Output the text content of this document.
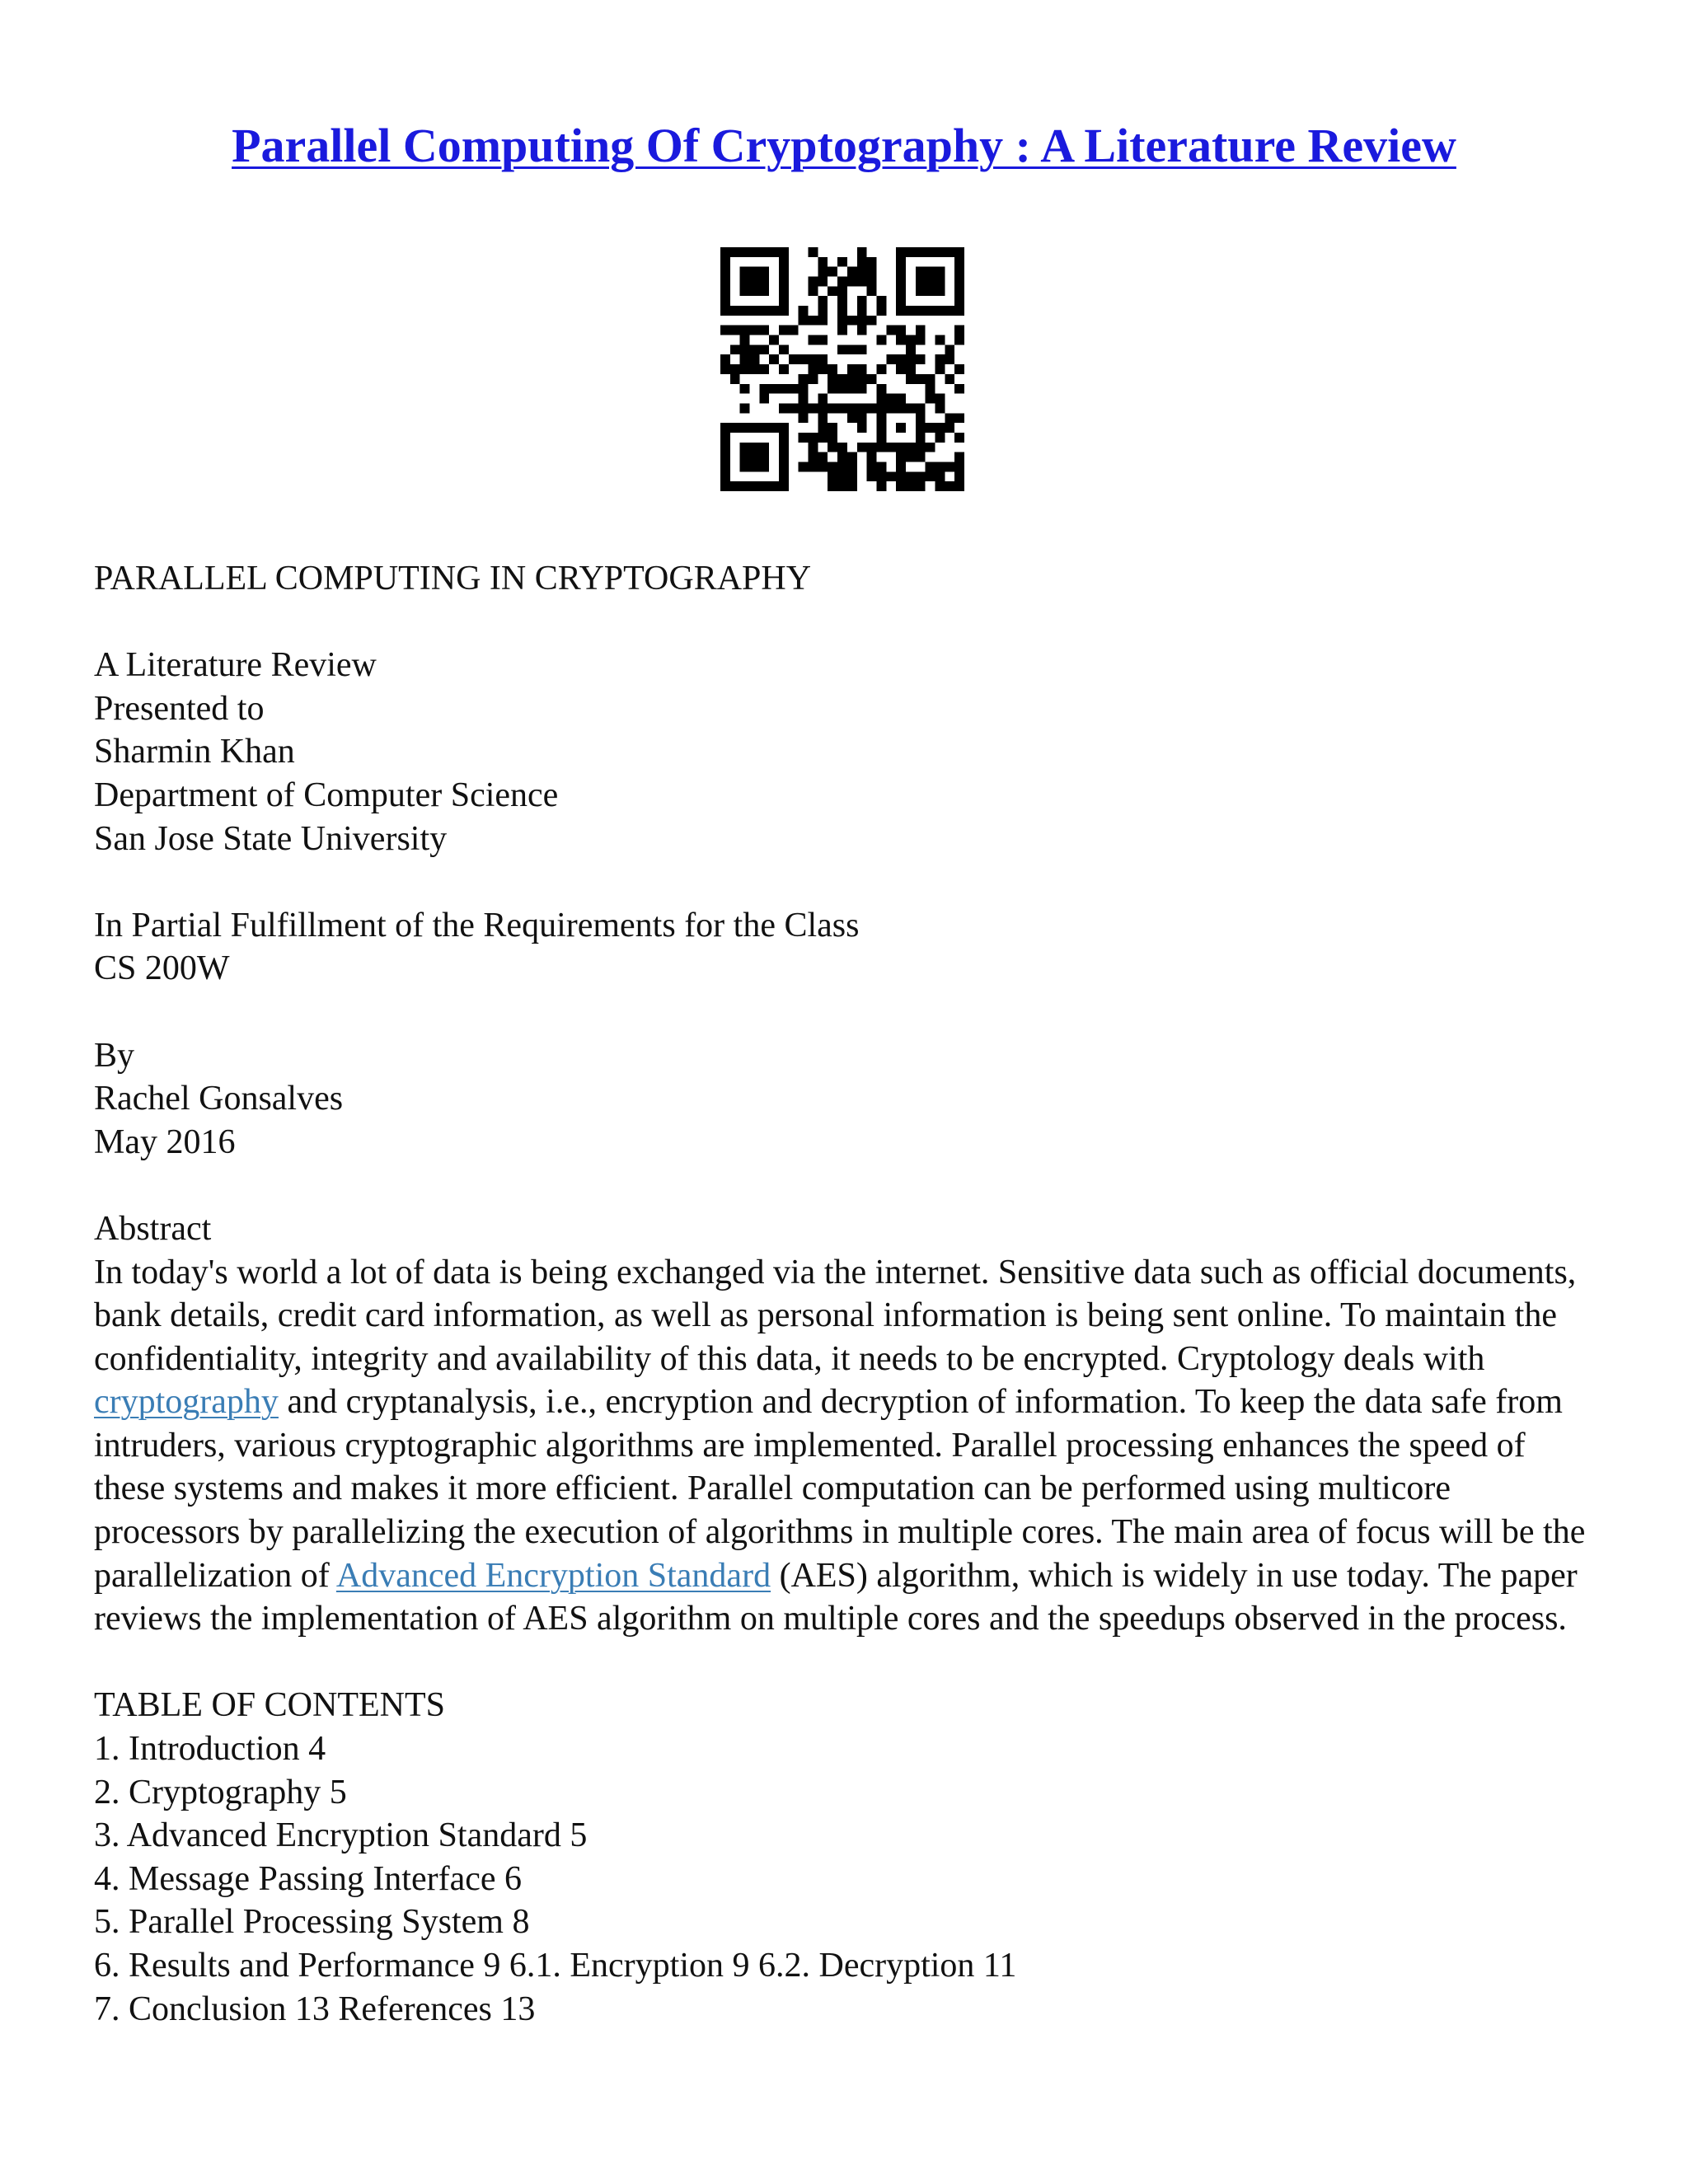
Parallel Computing Of Cryptography : A Literature Review
PARALLEL COMPUTING IN CRYPTOGRAPHY
A Literature Review
Presented to
Sharmin Khan
Department of Computer Science
San Jose State University
In Partial Fulfillment of the Requirements for the Class
CS 200W
By
Rachel Gonsalves
May 2016
Abstract
In today's world a lot of data is being exchanged via the internet. Sensitive data such as official documents, bank details, credit card information, as well as personal information is being sent online. To maintain the confidentiality, integrity and availability of this data, it needs to be encrypted. Cryptology deals with cryptography and cryptanalysis, i.e., encryption and decryption of information. To keep the data safe from intruders, various cryptographic algorithms are implemented. Parallel processing enhances the speed of these systems and makes it more efficient. Parallel computation can be performed using multicore processors by parallelizing the execution of algorithms in multiple cores. The main area of focus will be the parallelization of Advanced Encryption Standard (AES) algorithm, which is widely in use today. The paper reviews the implementation of AES algorithm on multiple cores and the speedups observed in the process.
TABLE OF CONTENTS
1. Introduction 4
2. Cryptography 5
3. Advanced Encryption Standard 5
4. Message Passing Interface 6
5. Parallel Processing System 8
6. Results and Performance 9 6.1. Encryption 9 6.2. Decryption 11
7. Conclusion 13 References 13
